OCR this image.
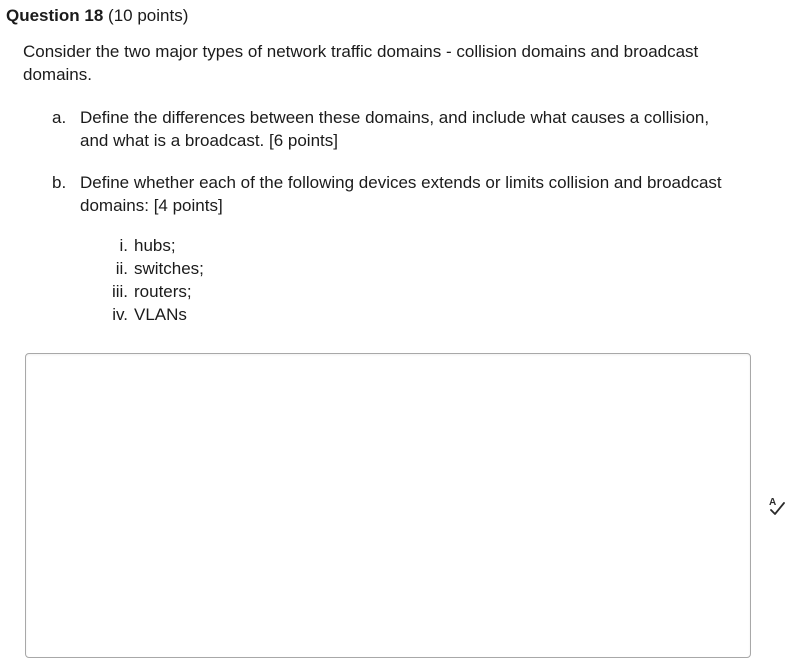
Question 18 (10 points)
Consider the two major types of network traffic domains - collision domains and broadcast domains.
a. Define the differences between these domains, and include what causes a collision, and what is a broadcast. [6 points]
b. Define whether each of the following devices extends or limits collision and broadcast domains: [4 points]
i. hubs;
ii. switches;
iii. routers;
iv. VLANs
A
